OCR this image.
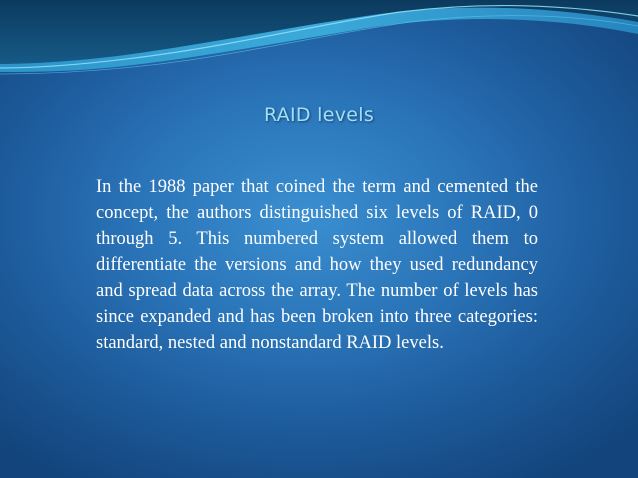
RAID levels

In the 1988 paper that coined the term and cemented the concept, the authors distinguished six levels of RAID, 0 through 5. This numbered system allowed them to differentiate the versions and how they used redundancy and spread data across the array. The number of levels has since expanded and has been broken into three categories: standard, nested and nonstandard RAID levels.
